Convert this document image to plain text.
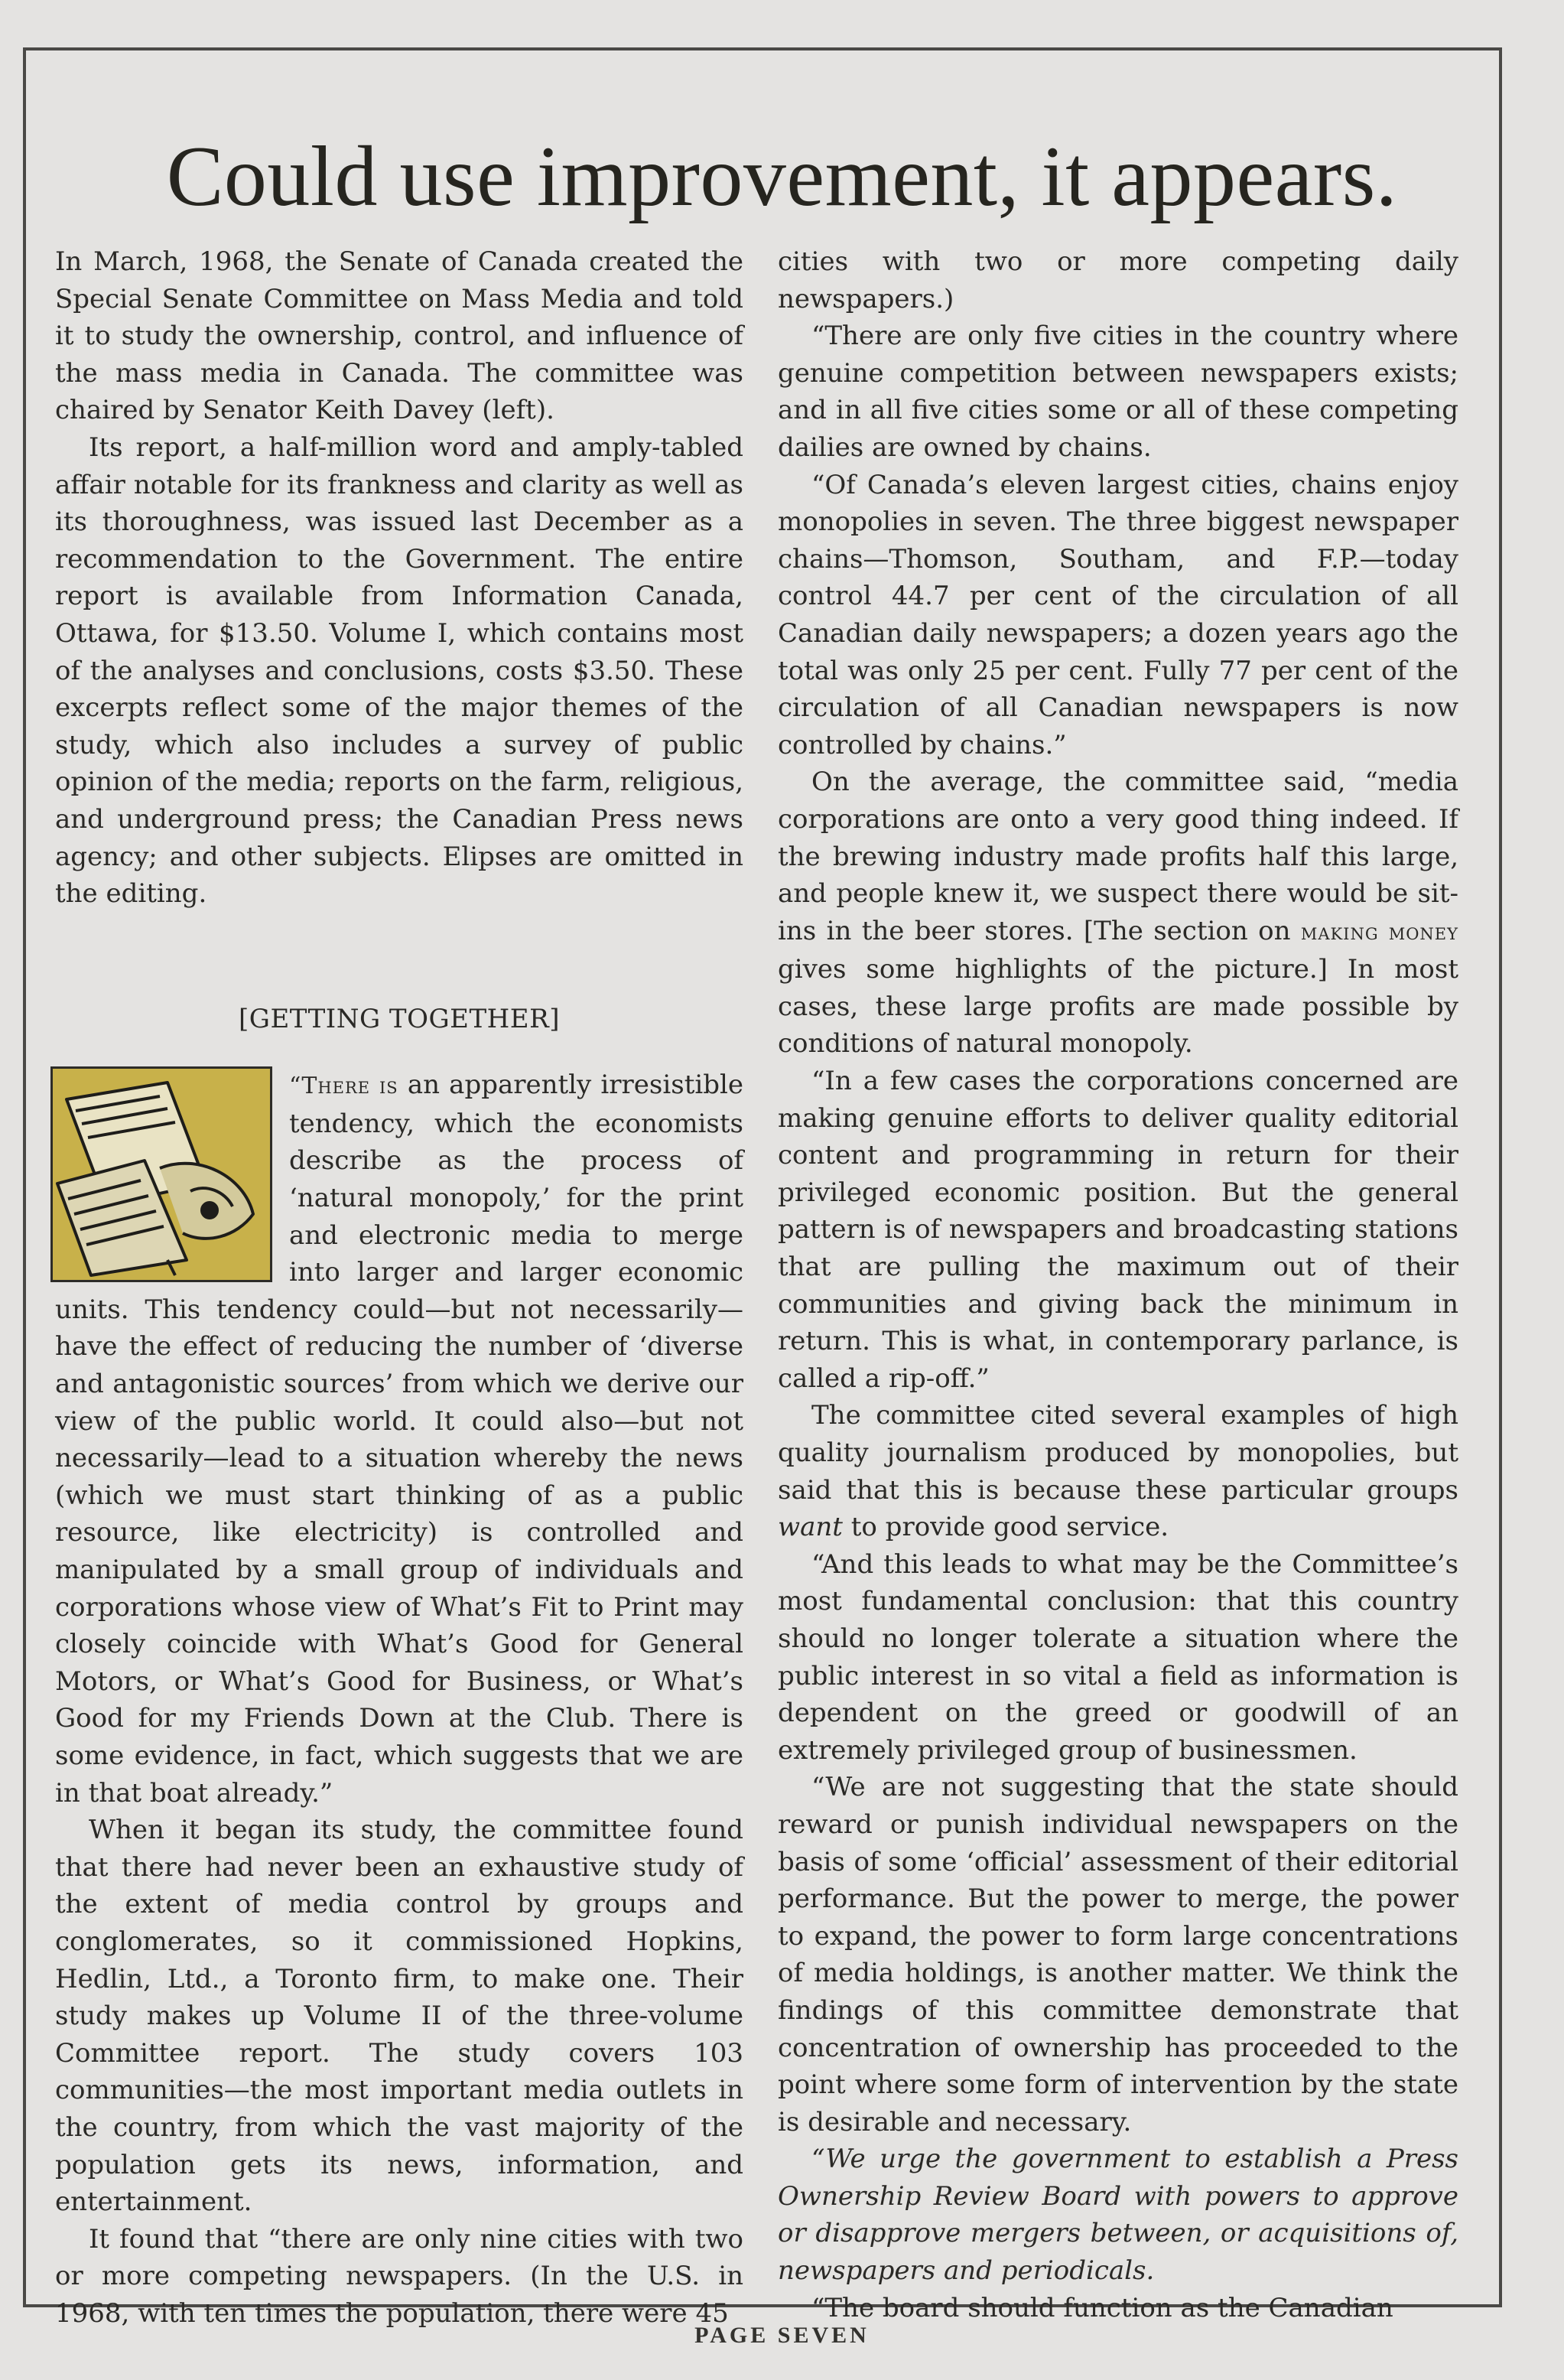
Could use improvement, it appears.

In March, 1968, the Senate of Canada created the Special Senate Committee on Mass Media and told it to study the ownership, control, and influence of the mass media in Canada. The committee was chaired by Senator Keith Davey (left).

Its report, a half-million word and amply-tabled affair notable for its frankness and clarity as well as its thoroughness, was issued last December as a recommendation to the Government. The entire report is available from Information Canada, Ottawa, for $13.50. Volume I, which contains most of the analyses and conclusions, costs $3.50. These excerpts reflect some of the major themes of the study, which also includes a survey of public opinion of the media; reports on the farm, religious, and underground press; the Canadian Press news agency; and other subjects. Elipses are omitted in the editing.

[GETTING TOGETHER]

“There is an apparently irresistible tendency, which the economists describe as the process of ‘natural monopoly,’ for the print and electronic media to merge into larger and larger economic units. This tendency could—but not necessarily—have the effect of reducing the number of ‘diverse and antagonistic sources’ from which we derive our view of the public world. It could also—but not necessarily—lead to a situation whereby the news (which we must start thinking of as a public resource, like electricity) is controlled and manipulated by a small group of individuals and corporations whose view of What’s Fit to Print may closely coincide with What’s Good for General Motors, or What’s Good for Business, or What’s Good for my Friends Down at the Club. There is some evidence, in fact, which suggests that we are in that boat already.”

When it began its study, the committee found that there had never been an exhaustive study of the extent of media control by groups and conglomerates, so it commissioned Hopkins, Hedlin, Ltd., a Toronto firm, to make one. Their study makes up Volume II of the three-volume Committee report. The study covers 103 communities—the most important media outlets in the country, from which the vast majority of the population gets its news, information, and entertainment.

It found that “there are only nine cities with two or more competing newspapers. (In the U.S. in 1968, with ten times the population, there were 45

cities with two or more competing daily newspapers.)

“There are only five cities in the country where genuine competition between newspapers exists; and in all five cities some or all of these competing dailies are owned by chains.

“Of Canada’s eleven largest cities, chains enjoy monopolies in seven. The three biggest newspaper chains—Thomson, Southam, and F.P.—today control 44.7 per cent of the circulation of all Canadian daily newspapers; a dozen years ago the total was only 25 per cent. Fully 77 per cent of the circulation of all Canadian newspapers is now controlled by chains.”

On the average, the committee said, “media corporations are onto a very good thing indeed. If the brewing industry made profits half this large, and people knew it, we suspect there would be sit-ins in the beer stores. [The section on making money gives some highlights of the picture.] In most cases, these large profits are made possible by conditions of natural monopoly.

“In a few cases the corporations concerned are making genuine efforts to deliver quality editorial content and programming in return for their privileged economic position. But the general pattern is of newspapers and broadcasting stations that are pulling the maximum out of their communities and giving back the minimum in return. This is what, in contemporary parlance, is called a rip-off.”

The committee cited several examples of high quality journalism produced by monopolies, but said that this is because these particular groups want to provide good service.

“And this leads to what may be the Committee’s most fundamental conclusion: that this country should no longer tolerate a situation where the public interest in so vital a field as information is dependent on the greed or goodwill of an extremely privileged group of businessmen.

“We are not suggesting that the state should reward or punish individual newspapers on the basis of some ‘official’ assessment of their editorial performance. But the power to merge, the power to expand, the power to form large concentrations of media holdings, is another matter. We think the findings of this committee demonstrate that concentration of ownership has proceeded to the point where some form of intervention by the state is desirable and necessary.

“We urge the government to establish a Press Ownership Review Board with powers to approve or disapprove mergers between, or acquisitions of, newspapers and periodicals.

“The board should function as the Canadian

PAGE SEVEN
